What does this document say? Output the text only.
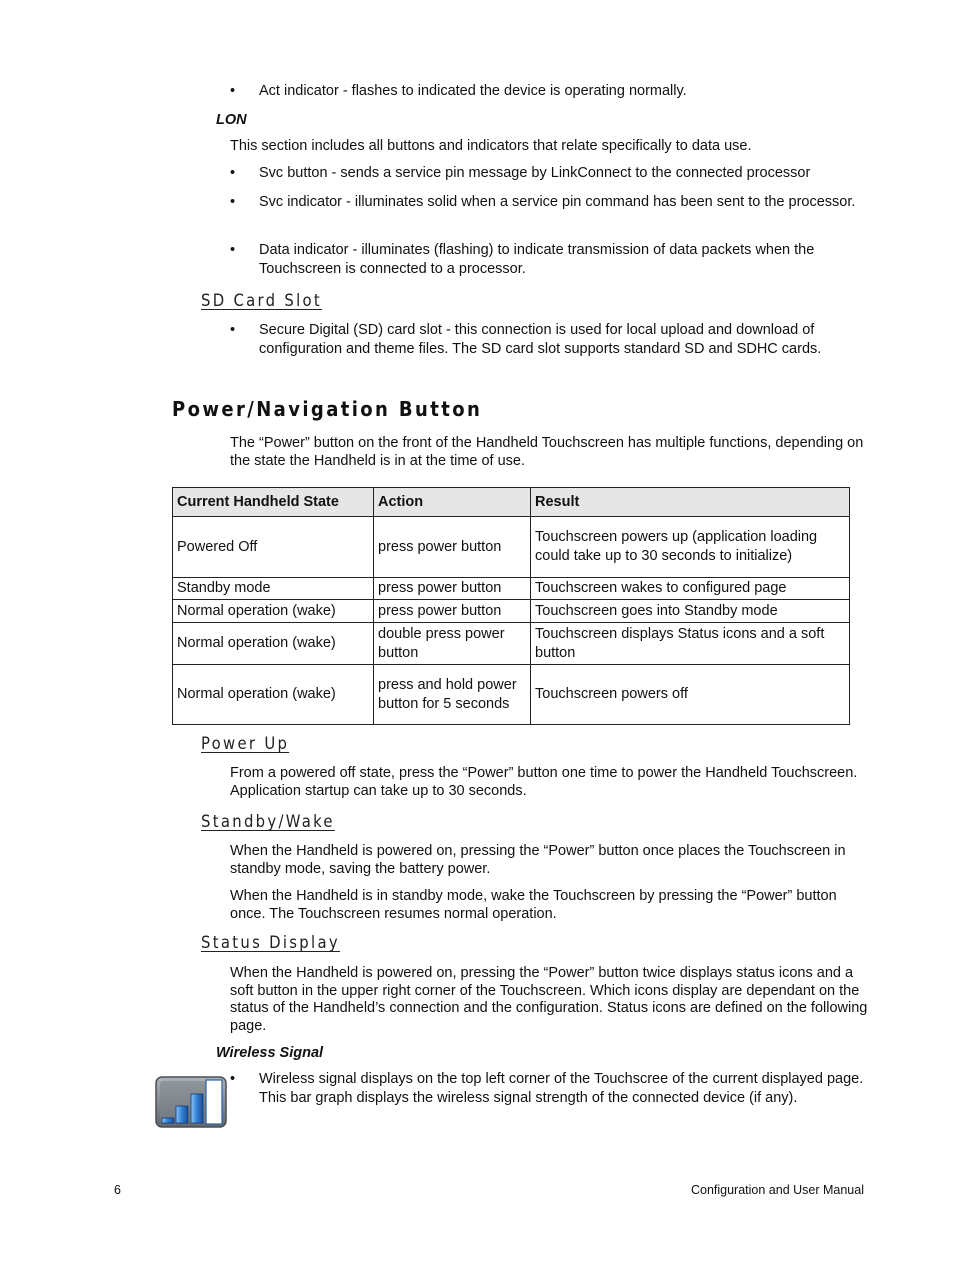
•	Act indicator - flashes to indicated the device is operating normally.
LON
This section includes all buttons and indicators that relate specifically to data use.
•	Svc button - sends a service pin message by LinkConnect to the connected processor
•	Svc indicator - illuminates solid when a service pin command has been sent to the processor.
•	Data indicator - illuminates (flashing) to indicate transmission of data packets when the Touchscreen is connected to a processor.
SD Card Slot
•	Secure Digital (SD) card slot - this connection is used for local upload and download of configuration and theme files. The SD card slot supports standard SD and SDHC cards.
Power/Navigation Button
The “Power” button on the front of the Handheld Touchscreen has multiple functions, depending on the state the Handheld is in at the time of use.
Current Handheld State	Action	Result
Powered Off	press power button	Touchscreen powers up (application loading could take up to 30 seconds to initialize)
Standby mode	press power button	Touchscreen wakes to configured page
Normal operation (wake)	press power button	Touchscreen goes into Standby mode
Normal operation (wake)	double press power button	Touchscreen displays Status icons and a soft button
Normal operation (wake)	press and hold power button for 5 seconds	Touchscreen powers off
Power Up
From a powered off state, press the “Power” button one time to power the Handheld Touchscreen. Application startup can take up to 30 seconds.
Standby/Wake
When the Handheld is powered on, pressing the “Power” button once places the Touchscreen in standby mode, saving the battery power.
When the Handheld is in standby mode, wake the Touchscreen by pressing the “Power” button once. The Touchscreen resumes normal operation.
Status Display
When the Handheld is powered on, pressing the “Power” button twice displays status icons and a soft button in the upper right corner of the Touchscreen. Which icons display are dependant on the status of the Handheld’s connection and the configuration. Status icons are defined on the following page.
Wireless Signal
•	Wireless signal displays on the top left corner of the Touchscree of the current displayed page. This bar graph displays the wireless signal strength of the connected device (if any).
6	Configuration and User Manual
